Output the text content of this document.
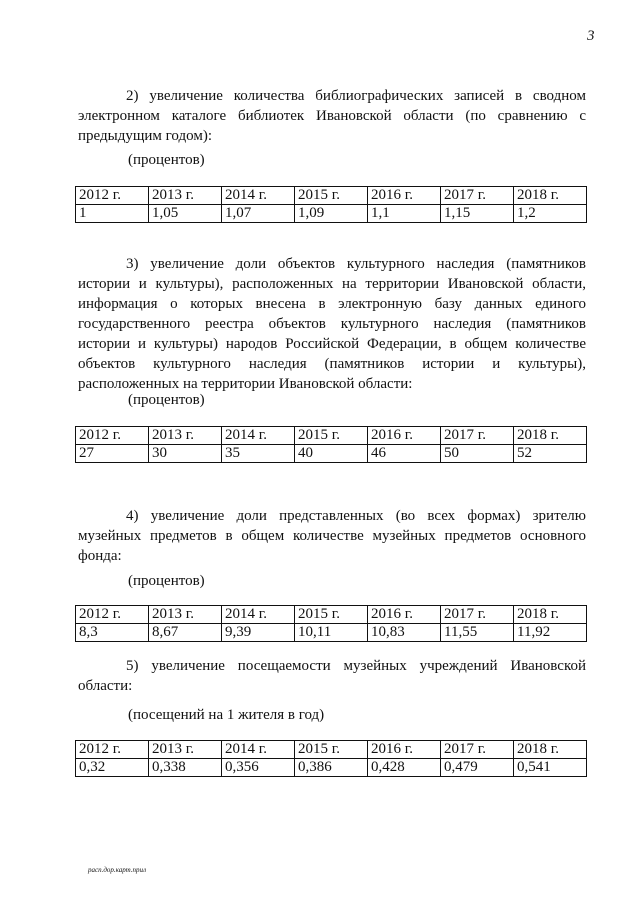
3

2) увеличение количества библиографических записей в сводном электронном каталоге библиотек Ивановской области (по сравнению с предыдущим годом):

(процентов)

2012 г.	2013 г.	2014 г.	2015 г.	2016 г.	2017 г.	2018 г.
1	1,05	1,07	1,09	1,1	1,15	1,2

3) увеличение доли объектов культурного наследия (памятников истории и культуры), расположенных на территории Ивановской области, информация о которых внесена в электронную базу данных единого государственного реестра объектов культурного наследия (памятников истории и культуры) народов Российской Федерации, в общем количестве объектов культурного наследия (памятников истории и культуры), расположенных на территории Ивановской области:

(процентов)

2012 г.	2013 г.	2014 г.	2015 г.	2016 г.	2017 г.	2018 г.
27	30	35	40	46	50	52

4) увеличение доли представленных (во всех формах) зрителю музейных предметов в общем количестве музейных предметов основного фонда:

(процентов)

2012 г.	2013 г.	2014 г.	2015 г.	2016 г.	2017 г.	2018 г.
8,3	8,67	9,39	10,11	10,83	11,55	11,92

5) увеличение посещаемости музейных учреждений Ивановской области:

(посещений на 1 жителя в год)

2012 г.	2013 г.	2014 г.	2015 г.	2016 г.	2017 г.	2018 г.
0,32	0,338	0,356	0,386	0,428	0,479	0,541
расп.дор.карт.прил
